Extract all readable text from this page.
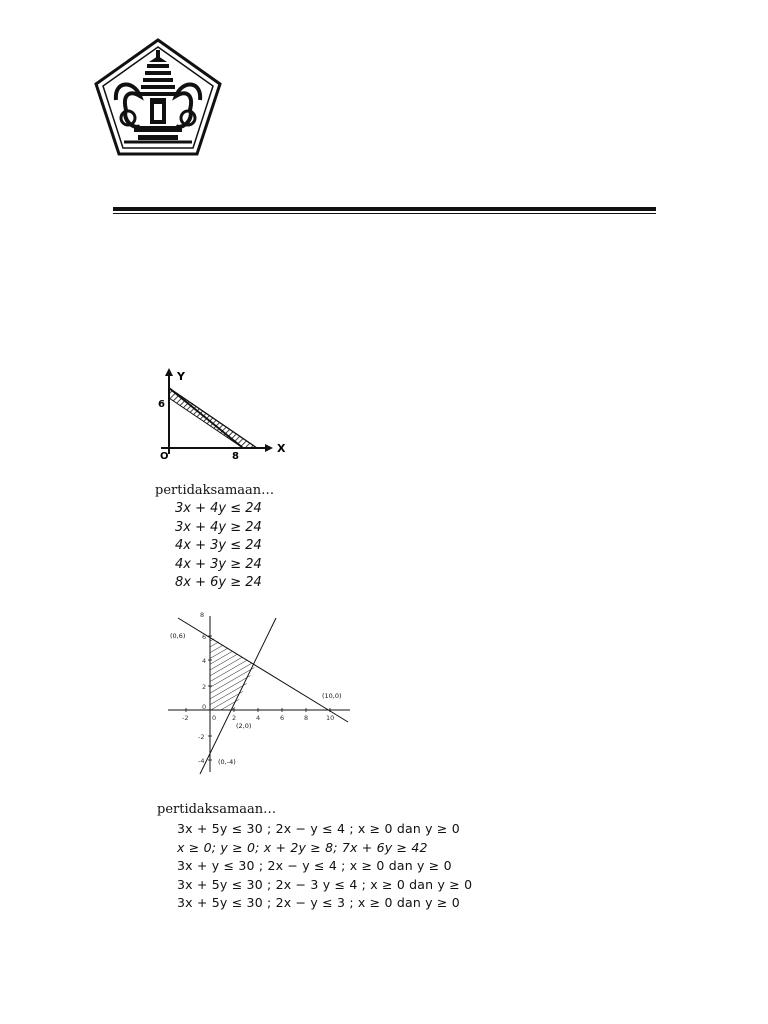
Y
X
6
8
O
pertidaksamaan…
3x + 4y ≤ 24
3x + 4y ≥ 24
4x + 3y ≤ 24
4x + 3y ≥ 24
8x + 6y ≥ 24
-2	0 2	4	6	8	10
8
6
4
2
0
-2
-4
(0,6)
(10,0)
(2,0)
(0,-4)
pertidaksamaan…
3x + 5y ≤ 30 ; 2x − y ≤ 4 ; x ≥ 0 dan y ≥ 0
x ≥ 0; y ≥ 0; x + 2y ≥ 8; 7x + 6y ≥ 42
3x + y ≤ 30 ; 2x − y ≤ 4 ; x ≥ 0 dan y ≥ 0
3x + 5y ≤ 30 ; 2x − 3 y ≤ 4 ; x ≥ 0 dan y ≥ 0
3x + 5y ≤ 30 ; 2x − y ≤ 3 ; x ≥ 0 dan y ≥ 0
